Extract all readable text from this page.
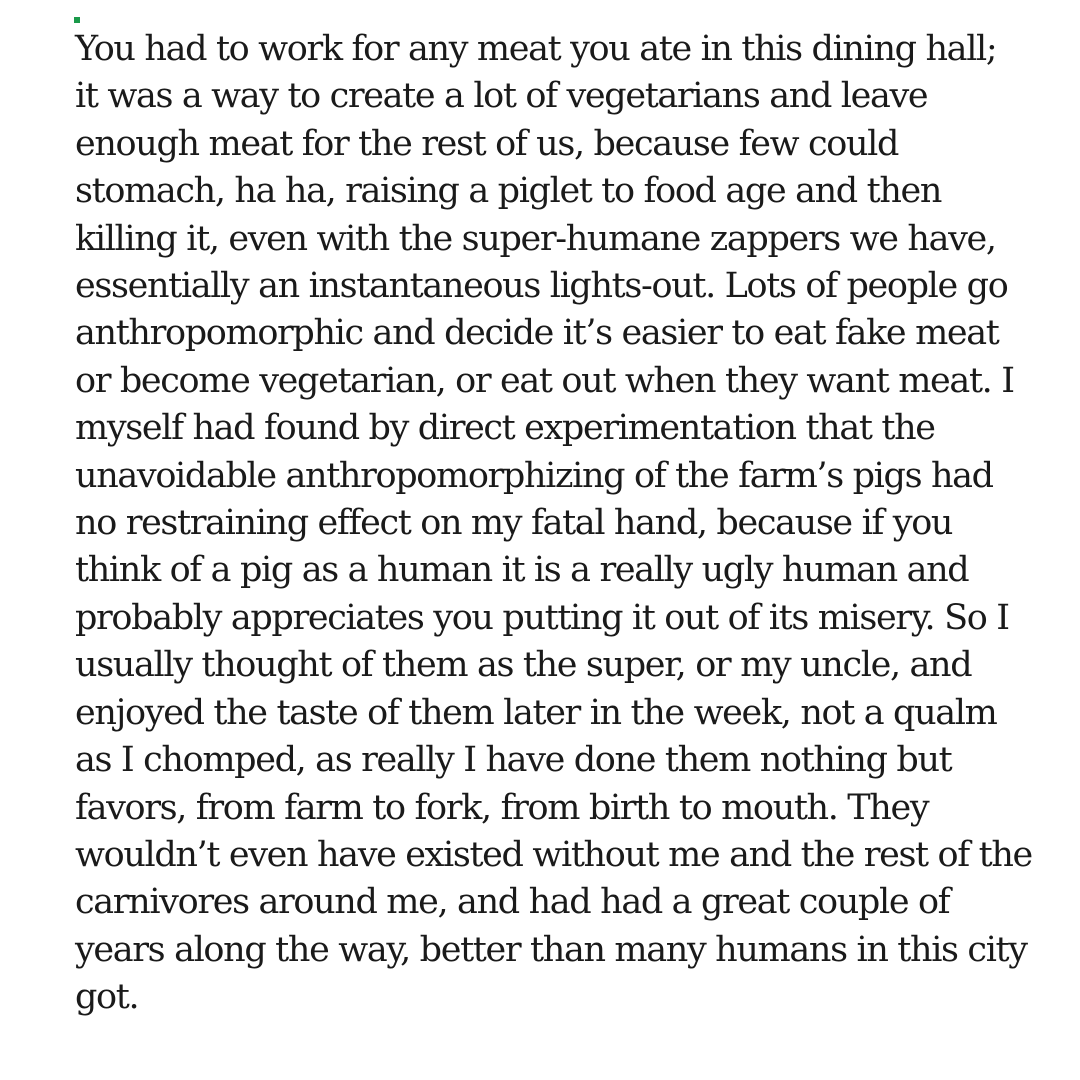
You had to work for any meat you ate in this dining hall;
it was a way to create a lot of vegetarians and leave
enough meat for the rest of us, because few could
stomach, ha ha, raising a piglet to food age and then
killing it, even with the super-humane zappers we have,
essentially an instantaneous lights-out. Lots of people go
anthropomorphic and decide it’s easier to eat fake meat
or become vegetarian, or eat out when they want meat. I
myself had found by direct experimentation that the
unavoidable anthropomorphizing of the farm’s pigs had
no restraining effect on my fatal hand, because if you
think of a pig as a human it is a really ugly human and
probably appreciates you putting it out of its misery. So I
usually thought of them as the super, or my uncle, and
enjoyed the taste of them later in the week, not a qualm
as I chomped, as really I have done them nothing but
favors, from farm to fork, from birth to mouth. They
wouldn’t even have existed without me and the rest of the
carnivores around me, and had had a great couple of
years along the way, better than many humans in this city
got.
